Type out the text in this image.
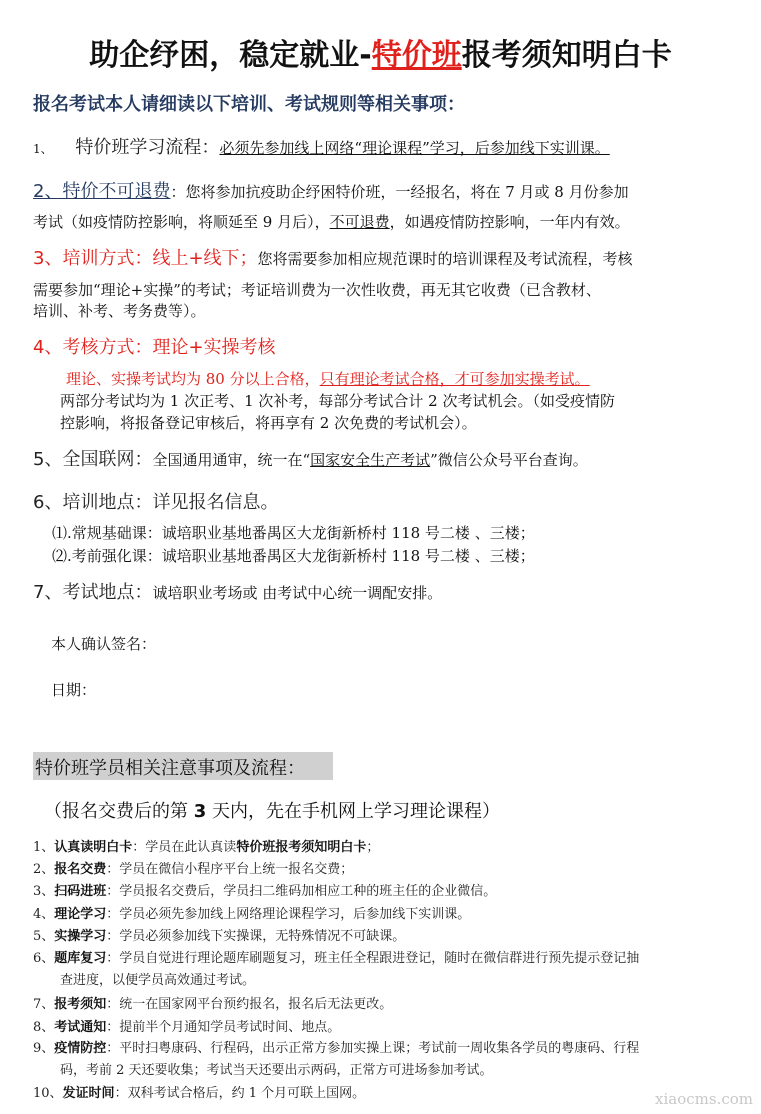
助企纾困，稳定就业-特价班报考须知明白卡
报名考试本人请细读以下培训、考试规则等相关事项：
1、 特价班学习流程：必须先参加线上网络“理论课程”学习，后参加线下实训课。
2、特价不可退费：您将参加抗疫助企纾困特价班，一经报名，将在 7 月或 8 月份参加
考试（如疫情防控影响，将顺延至 9 月后），不可退费，如遇疫情防控影响，一年内有效。
3、培训方式：线上+线下；您将需要参加相应规范课时的培训课程及考试流程，考核
需要参加“理论+实操”的考试；考证培训费为一次性收费，再无其它收费（已含教材、
培训、补考、考务费等）。
4、考核方式：理论+实操考核
理论、实操考试均为 80 分以上合格，只有理论考试合格，才可参加实操考试。
两部分考试均为 1 次正考、1 次补考，每部分考试合计 2 次考试机会。（如受疫情防
控影响，将报备登记审核后，将再享有 2 次免费的考试机会）。
5、全国联网：全国通用通审，统一在“国家安全生产考试”微信公众号平台查询。
6、培训地点：详见报名信息。
⑴.常规基础课：诚培职业基地番禺区大龙街新桥村 118 号二楼 、三楼；
⑵.考前强化课：诚培职业基地番禺区大龙街新桥村 118 号二楼 、三楼；
7、考试地点：诚培职业考场或 由考试中心统一调配安排。
本人确认签名：
日期：
特价班学员相关注意事项及流程：
（报名交费后的第 3 天内，先在手机网上学习理论课程）
1、认真读明白卡：学员在此认真读特价班报考须知明白卡；
2、报名交费：学员在微信小程序平台上统一报名交费；
3、扫码进班：学员报名交费后，学员扫二维码加相应工种的班主任的企业微信。
4、理论学习：学员必须先参加线上网络理论课程学习，后参加线下实训课。
5、实操学习：学员必须参加线下实操课，无特殊情况不可缺课。
6、题库复习：学员自觉进行理论题库刷题复习，班主任全程跟进登记，随时在微信群进行预先提示登记抽
查进度，以便学员高效通过考试。
7、报考须知：统一在国家网平台预约报名，报名后无法更改。
8、考试通知：提前半个月通知学员考试时间、地点。
9、疫情防控：平时扫粤康码、行程码，出示正常方参加实操上课；考试前一周收集各学员的粤康码、行程
码，考前 2 天还要收集；考试当天还要出示两码，正常方可进场参加考试。
10、发证时间：双科考试合格后，约 1 个月可联上国网。	xiaocms.com
